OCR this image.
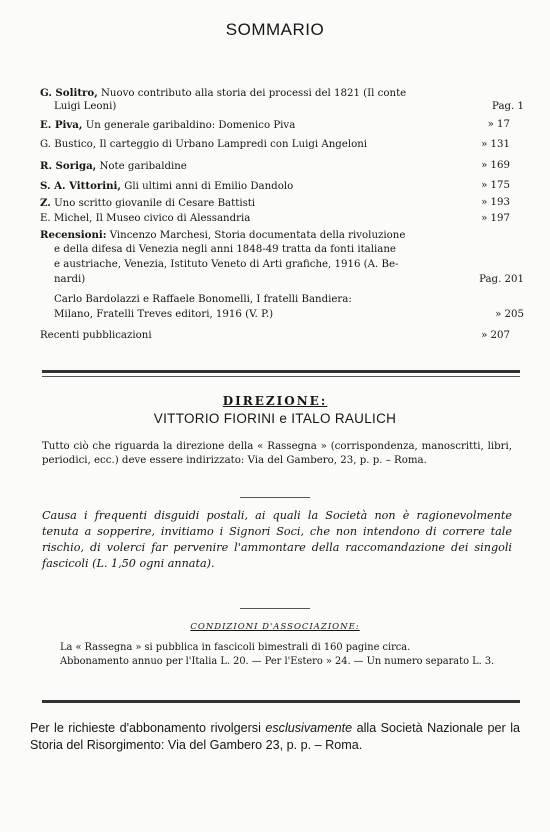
SOMMARIO
G. Solitro, Nuovo contributo alla storia dei processi del 1821 (Il conte
Luigi Leoni)	Pag. 1
E. Piva, Un generale garibaldino: Domenico Piva	» 17
G. Bustico, Il carteggio di Urbano Lampredi con Luigi Angeloni	» 131
R. Soriga, Note garibaldine	» 169
S. A. Vittorini, Gli ultimi anni di Emilio Dandolo	» 175
Z. Uno scritto giovanile di Cesare Battisti	» 193
E. Michel, Il Museo civico di Alessandria	» 197
Recensioni: Vincenzo Marchesi, Storia documentata della rivoluzione
e della difesa di Venezia negli anni 1848-49 tratta da fonti italiane
e austriache, Venezia, Istituto Veneto di Arti grafiche, 1916 (A. Be-
nardi)	Pag. 201
Carlo Bardolazzi e Raffaele Bonomelli, I fratelli Bandiera:
Milano, Fratelli Treves editori, 1916 (V. P.)	» 205
Recenti pubblicazioni	» 207
DIREZIONE:
VITTORIO FIORINI e ITALO RAULICH
Tutto ciò che riguarda la direzione della « Rassegna » (corrispondenza, manoscritti, libri, periodici, ecc.) deve essere indirizzato: Via del Gambero, 23, p. p. – Roma.
Causa i frequenti disguidi postali, ai quali la Società non è ragionevolmente tenuta a sopperire, invitiamo i Signori Soci, che non intendono di correre tale rischio, di volerci far pervenire l'ammontare della raccomandazione dei singoli fascicoli (L. 1,50 ogni annata).
CONDIZIONI D'ASSOCIAZIONE:
La « Rassegna » si pubblica in fascicoli bimestrali di 160 pagine circa.
Abbonamento annuo per l'Italia L. 20. — Per l'Estero » 24. — Un numero separato L. 3.
Per le richieste d'abbonamento rivolgersi esclusivamente alla Società Nazionale per la Storia del Risorgimento: Via del Gambero 23, p. p. – Roma.
